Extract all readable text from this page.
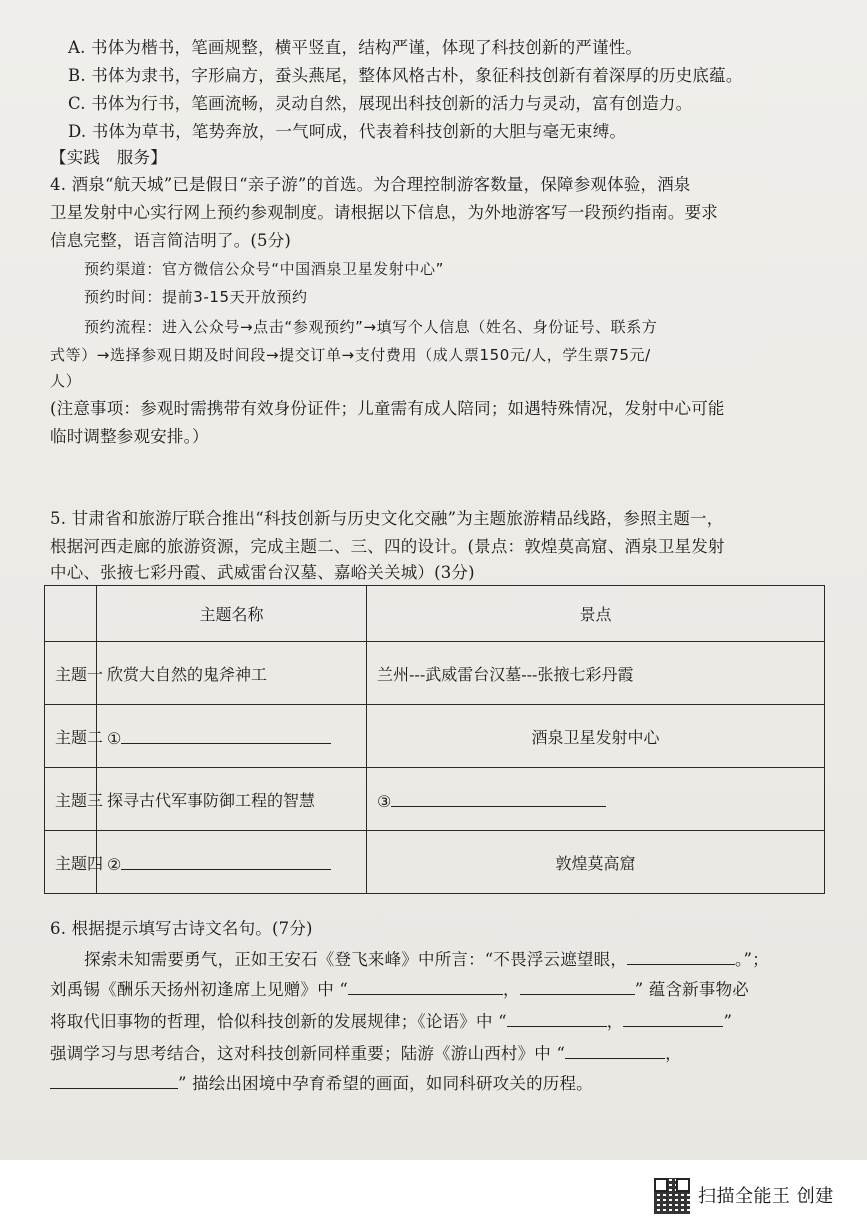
A. 书体为楷书，笔画规整，横平竖直，结构严谨，体现了科技创新的严谨性。
B. 书体为隶书，字形扁方，蚕头燕尾，整体风格古朴，象征科技创新有着深厚的历史底蕴。
C. 书体为行书，笔画流畅，灵动自然，展现出科技创新的活力与灵动，富有创造力。
D. 书体为草书，笔势奔放，一气呵成，代表着科技创新的大胆与毫无束缚。
【实践　服务】
4. 酒泉“航天城”已是假日“亲子游”的首选。为合理控制游客数量，保障参观体验，酒泉
卫星发射中心实行网上预约参观制度。请根据以下信息，为外地游客写一段预约指南。要求
信息完整，语言简洁明了。(5分)
预约渠道：官方微信公众号“中国酒泉卫星发射中心”
预约时间：提前3-15天开放预约
预约流程：进入公众号→点击“参观预约”→填写个人信息（姓名、身份证号、联系方
式等）→选择参观日期及时间段→提交订单→支付费用（成人票150元/人，学生票75元/
人）
(注意事项：参观时需携带有效身份证件；儿童需有成人陪同；如遇特殊情况，发射中心可能
临时调整参观安排。）
5. 甘肃省和旅游厅联合推出“科技创新与历史文化交融”为主题旅游精品线路，参照主题一，
根据河西走廊的旅游资源，完成主题二、三、四的设计。(景点：敦煌莫高窟、酒泉卫星发射
中心、张掖七彩丹霞、武威雷台汉墓、嘉峪关关城）(3分)
	主题名称	景点
主题一	欣赏大自然的鬼斧神工	兰州---武威雷台汉墓---张掖七彩丹霞
主题二	①	酒泉卫星发射中心
主题三	探寻古代军事防御工程的智慧	③
主题四	②	敦煌莫高窟
6. 根据提示填写古诗文名句。(7分)
探索未知需要勇气，正如王安石《登飞来峰》中所言：“不畏浮云遮望眼，	。”；
刘禹锡《酬乐天扬州初逢席上见赠》中 “	，	” 蕴含新事物必
将取代旧事物的哲理，恰似科技创新的发展规律；《论语》中 “	，	”
强调学习与思考结合，这对科技创新同样重要；陆游《游山西村》中 “	，
” 描绘出困境中孕育希望的画面，如同科研攻关的历程。
扫描全能王 创建
